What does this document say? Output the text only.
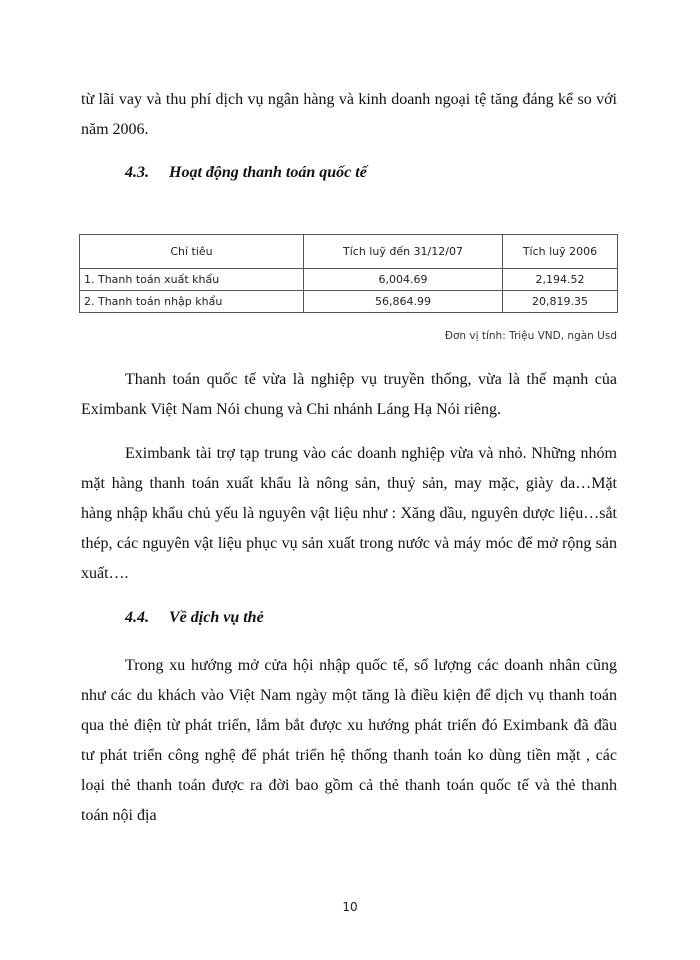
từ lãi vay và thu phí dịch vụ ngân hàng và kinh doanh ngoại tệ tăng đáng kể so với
năm 2006.
4.3. Hoạt động thanh toán quốc tế
Chỉ tiêu	Tích luỹ đến 31/12/07	Tích luỹ 2006
1. Thanh toán xuất khẩu	6,004.69	2,194.52
2. Thanh toán nhập khẩu	56,864.99	20,819.35
Đơn vị tính: Triệu VND, ngàn Usd
Thanh toán quốc tế vừa là nghiệp vụ truyền thống, vừa là thế mạnh của
Eximbank Việt Nam Nói chung và Chi nhánh Láng Hạ Nói riêng.
Eximbank tài trợ tạp trung vào các doanh nghiệp vừa và nhỏ. Những nhóm
mặt hàng thanh toán xuất khẩu là nông sản, thuỷ sản, may mặc, giày da…Mặt
hàng nhập khẩu chủ yếu là nguyên vật liệu như : Xăng dầu, nguyên dược liệu…sắt
thép, các nguyên vật liệu phục vụ sản xuất trong nước và máy móc để mở rộng sản
xuất….
4.4. Về dịch vụ thẻ
Trong xu hướng mở cửa hội nhập quốc tế, số lượng các doanh nhân cũng
như các du khách vào Việt Nam ngày một tăng là điều kiện để dịch vụ thanh toán
qua thẻ điện từ phát triển, lắm bắt được xu hướng phát triển đó Eximbank đã đầu
tư phát triển công nghệ để phát triển hệ thống thanh toán ko dùng tiền mặt , các
loại thẻ thanh toán được ra đời bao gồm cả thẻ thanh toán quốc tế và thẻ thanh
toán nội địa
10
